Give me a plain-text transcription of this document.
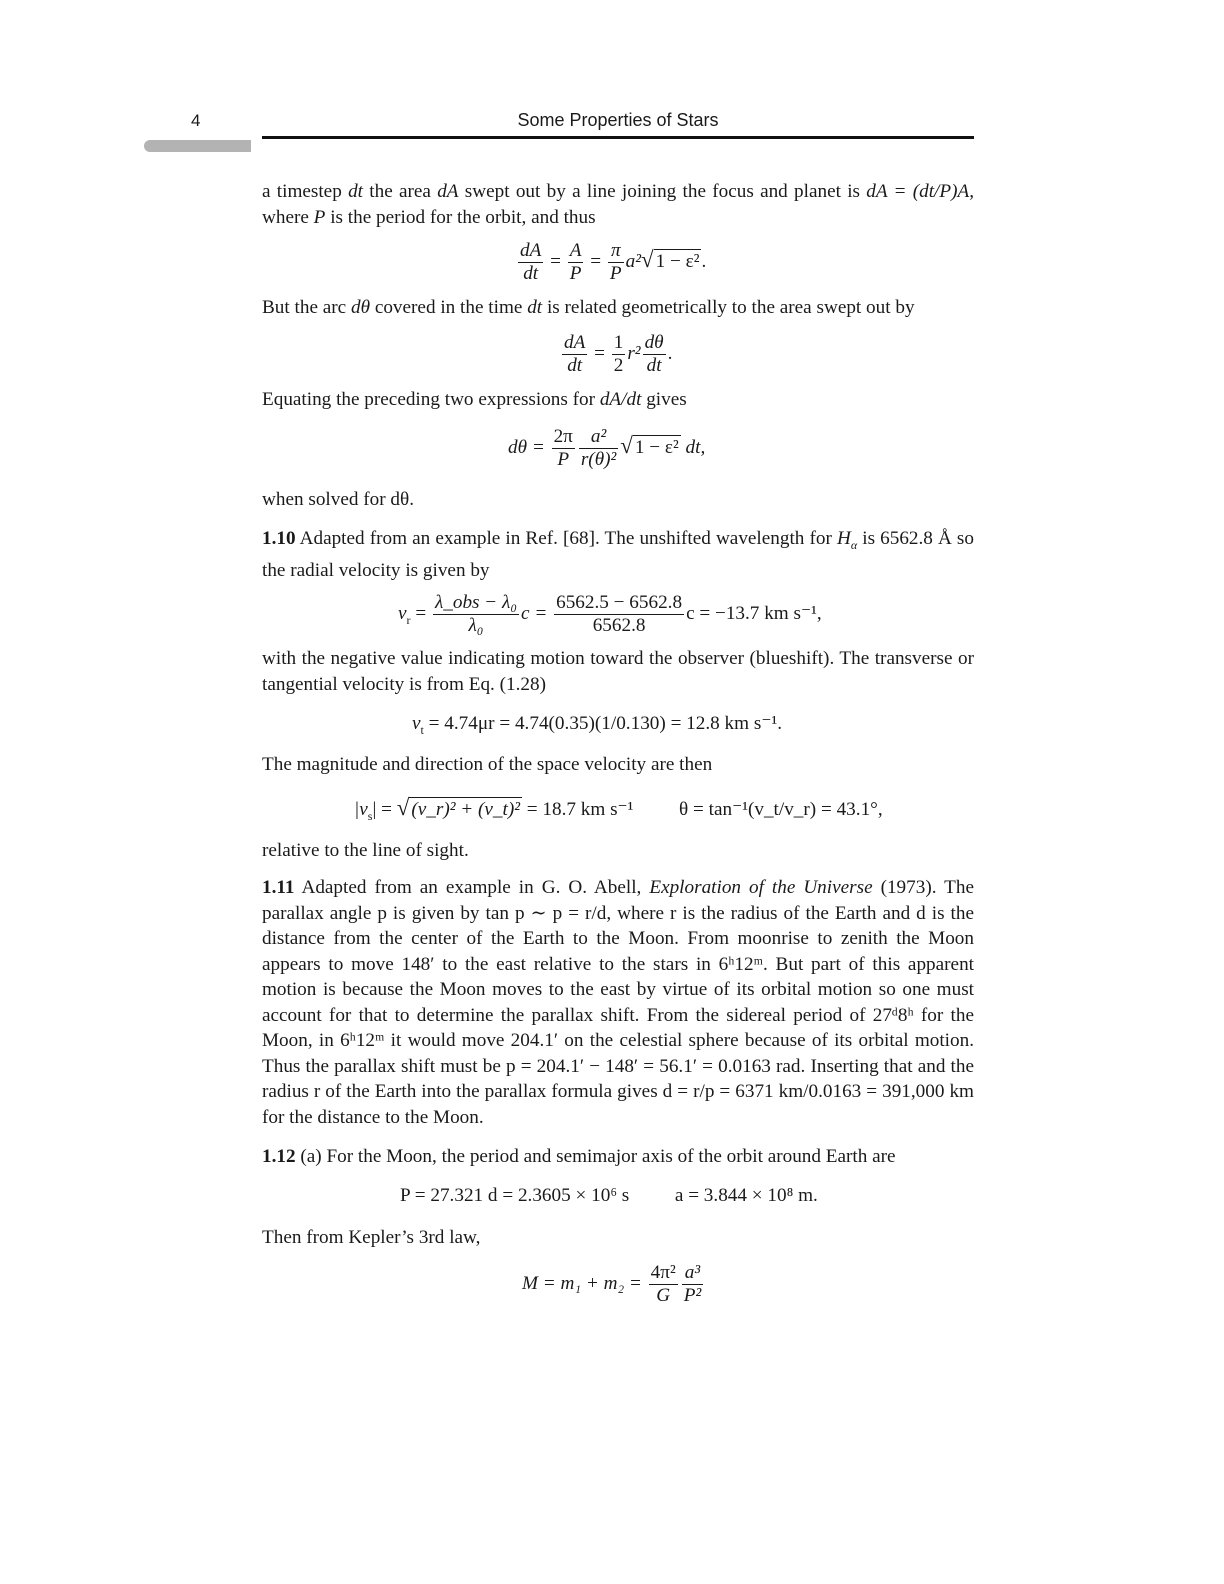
4	Some Properties of Stars
a timestep dt the area dA swept out by a line joining the focus and planet is dA = (dt/P)A, where P is the period for the orbit, and thus
$\frac{dA}{dt} = \frac{A}{P} = \frac{\pi}{P} a^2√$ 1 − ε² .
But the arc dθ covered in the time dt is related geometrically to the area swept out by
$\frac{dA}{dt} = \frac{1}{2} r^2 \frac{d\theta}{dt}$ .
Equating the preceding two expressions for dA/dt gives
$d\theta = \frac{2\pi}{P} \frac{\text{a²}}{\text{r(θ)²}}$ √ 1 − ε² dt,
when solved for dθ.
1.10 Adapted from an example in Ref. [68]. The unshifted wavelength for $H_\alpha$ is 6562.8 Å so the radial velocity is given by
$v_r = \frac{\text{λ\_obs − λ₀}}{\text{λ₀}}$ $c = \frac{6562.5 - 6562.8}{6562.8}$ c = −13.7 km s⁻¹,
with the negative value indicating motion toward the observer (blueshift). The transverse or tangential velocity is from Eq. (1.28)
$v_t = 4.74\mu r = 4.74(0.35)(1/0.130) = 12.8$ km s⁻¹.
The magnitude and direction of the space velocity are then
$|v_s|$ = √ (v_r)² + (v_t)² = 18.7 km s⁻¹ θ = tan⁻¹(v_t/v_r) = 43.1°,
relative to the line of sight.
1.11 Adapted from an example in G. O. Abell, Exploration of the Universe (1973). The parallax angle p is given by tan p ∼ p = r/d, where r is the radius of the Earth and d is the distance from the center of the Earth to the Moon. From moonrise to zenith the Moon appears to move 148′ to the east relative to the stars in 6ʰ12ᵐ. But part of this apparent motion is because the Moon moves to the east by virtue of its orbital motion so one must account for that to determine the parallax shift. From the sidereal period of 27ᵈ8ʰ for the Moon, in 6ʰ12ᵐ it would move 204.1′ on the celestial sphere because of its orbital motion. Thus the parallax shift must be p = 204.1′ − 148′ = 56.1′ = 0.0163 rad. Inserting that and the radius r of the Earth into the parallax formula gives d = r/p = 6371 km/0.0163 = 391,000 km for the distance to the Moon.
1.12 (a) For the Moon, the period and semimajor axis of the orbit around Earth are
P = 27.321 d = 2.3605 × 10⁶ s a = 3.844 × 10⁸ m.
Then from Kepler’s 3rd law,
$M = m_1 + m_2 = \frac{\text{4π²}}{G} \frac{\text{a³}}{\text{P²}}$
